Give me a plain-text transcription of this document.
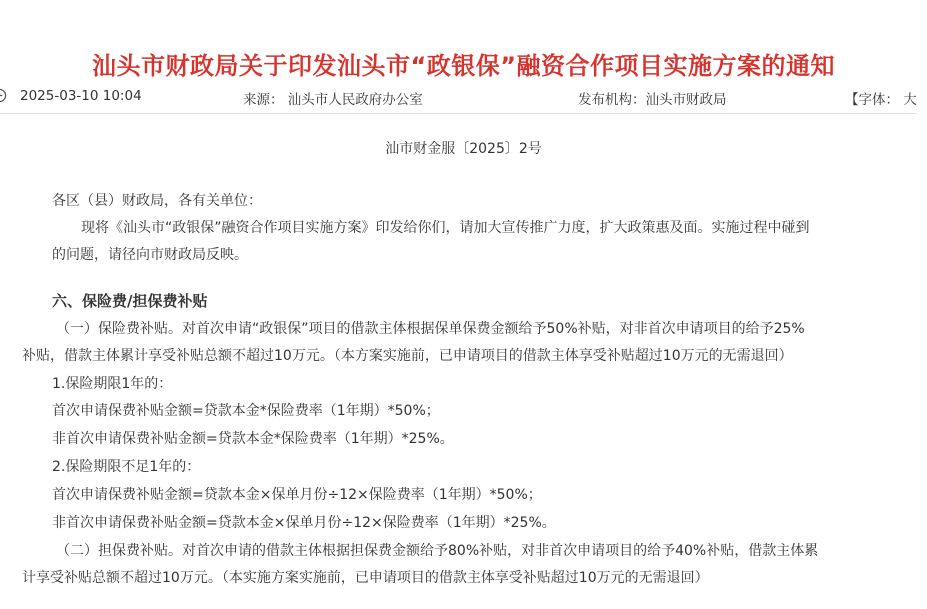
汕头市财政局关于印发汕头市“政银保”融资合作项目实施方案的通知
2025-03-10 10:04	来源： 汕头市人民政府办公室	发布机构：汕头市财政局	【字体： 大
汕市财金服〔2025〕2号

各区（县）财政局，各有关单位：

现将《汕头市“政银保”融资合作项目实施方案》印发给你们，请加大宣传推广力度，扩大政策惠及面。实施过程中碰到

的问题，请径向市财政局反映。

六、保险费/担保费补贴

（一）保险费补贴。对首次申请“政银保”项目的借款主体根据保单保费金额给予50%补贴，对非首次申请项目的给予25%

补贴，借款主体累计享受补贴总额不超过10万元。（本方案实施前，已申请项目的借款主体享受补贴超过10万元的无需退回）

1.保险期限1年的：

首次申请保费补贴金额=贷款本金*保险费率（1年期）*50%；

非首次申请保费补贴金额=贷款本金*保险费率（1年期）*25%。

2.保险期限不足1年的：

首次申请保费补贴金额=贷款本金×保单月份÷12×保险费率（1年期）*50%；

非首次申请保费补贴金额=贷款本金×保单月份÷12×保险费率（1年期）*25%。

（二）担保费补贴。对首次申请的借款主体根据担保费金额给予80%补贴，对非首次申请项目的给予40%补贴，借款主体累

计享受补贴总额不超过10万元。（本实施方案实施前，已申请项目的借款主体享受补贴超过10万元的无需退回）
